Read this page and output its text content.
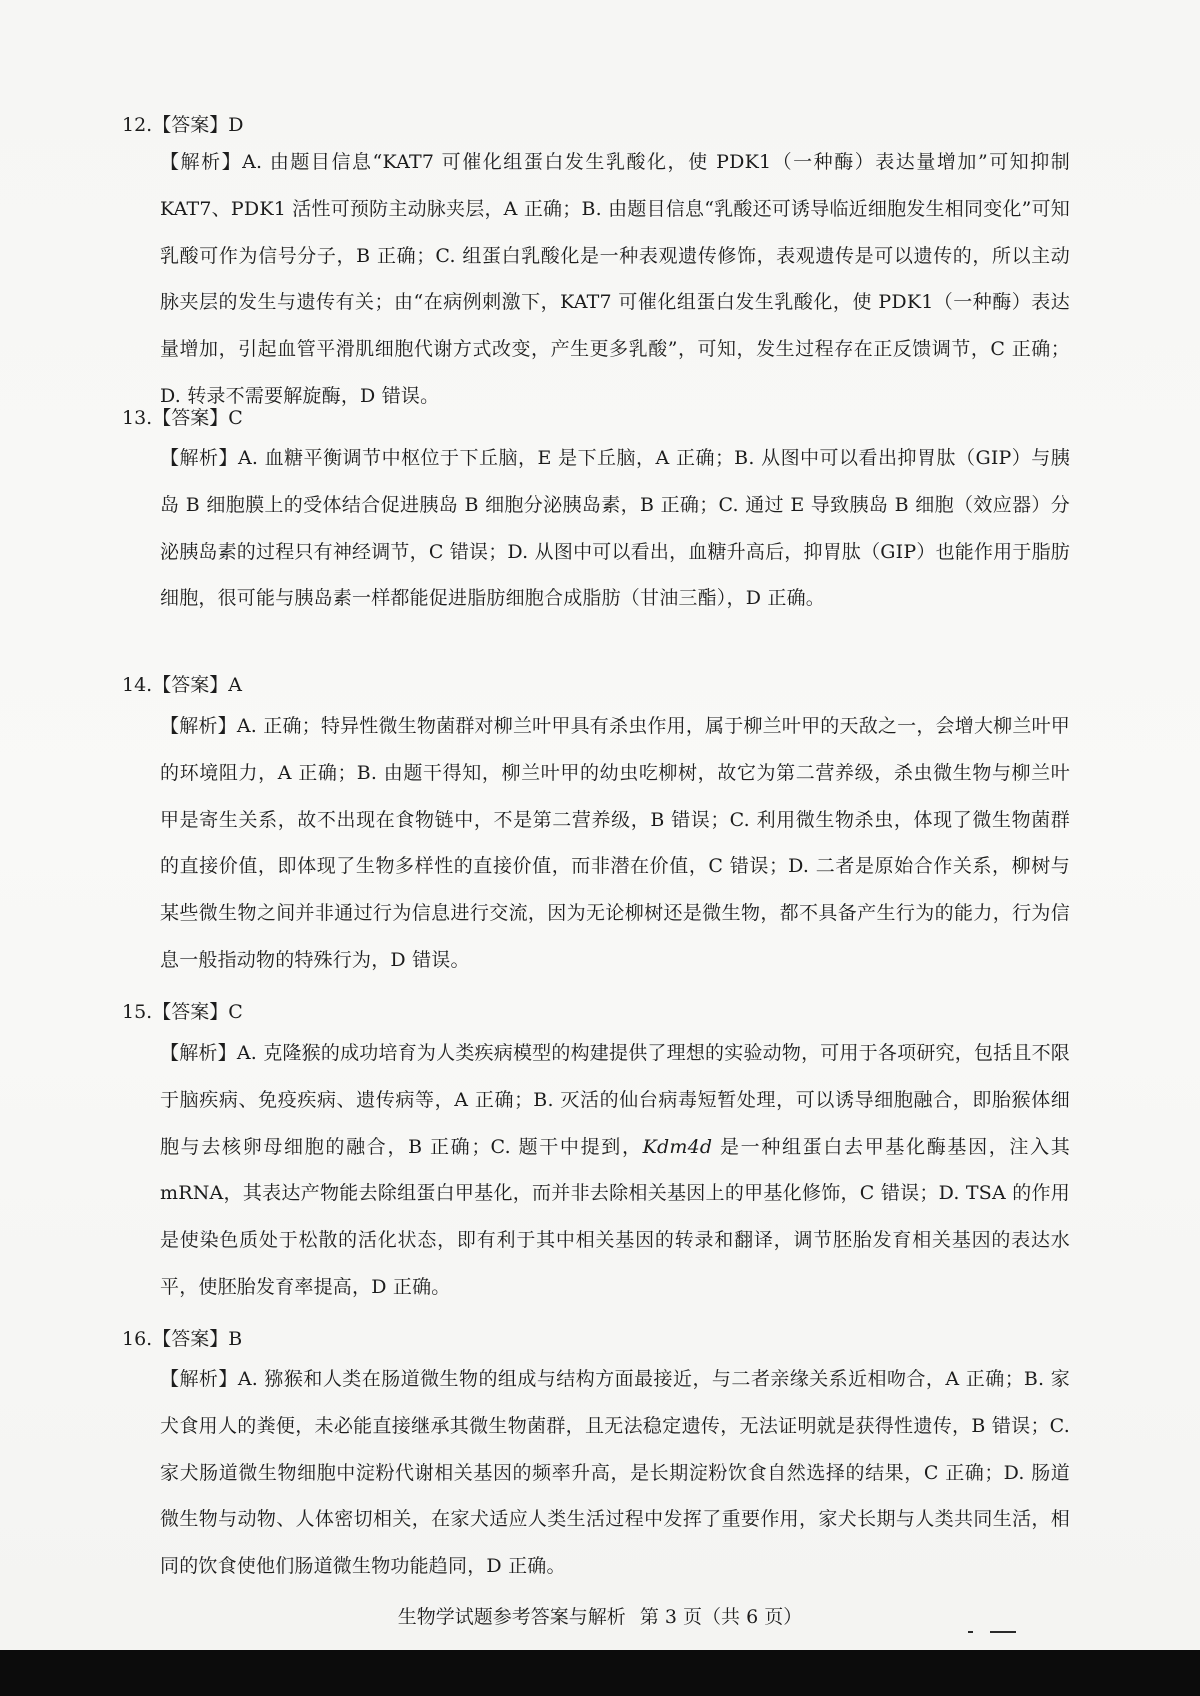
12.【答案】D
【解析】A. 由题目信息“KAT7 可催化组蛋白发生乳酸化，使 PDK1（一种酶）表达量增加”可知抑制 KAT7、PDK1 活性可预防主动脉夹层，A 正确；B. 由题目信息“乳酸还可诱导临近细胞发生相同变化”可知乳酸可作为信号分子，B 正确；C. 组蛋白乳酸化是一种表观遗传修饰，表观遗传是可以遗传的，所以主动脉夹层的发生与遗传有关；由“在病例刺激下，KAT7 可催化组蛋白发生乳酸化，使 PDK1（一种酶）表达量增加，引起血管平滑肌细胞代谢方式改变，产生更多乳酸”，可知，发生过程存在正反馈调节，C 正确；D. 转录不需要解旋酶，D 错误。
13.【答案】C
【解析】A. 血糖平衡调节中枢位于下丘脑，E 是下丘脑，A 正确；B. 从图中可以看出抑胃肽（GIP）与胰岛 B 细胞膜上的受体结合促进胰岛 B 细胞分泌胰岛素，B 正确；C. 通过 E 导致胰岛 B 细胞（效应器）分泌胰岛素的过程只有神经调节，C 错误；D. 从图中可以看出，血糖升高后，抑胃肽（GIP）也能作用于脂肪细胞，很可能与胰岛素一样都能促进脂肪细胞合成脂肪（甘油三酯），D 正确。
14.【答案】A
【解析】A. 正确；特异性微生物菌群对柳兰叶甲具有杀虫作用，属于柳兰叶甲的天敌之一，会增大柳兰叶甲的环境阻力，A 正确；B. 由题干得知，柳兰叶甲的幼虫吃柳树，故它为第二营养级，杀虫微生物与柳兰叶甲是寄生关系，故不出现在食物链中，不是第二营养级，B 错误；C. 利用微生物杀虫，体现了微生物菌群的直接价值，即体现了生物多样性的直接价值，而非潜在价值，C 错误；D. 二者是原始合作关系，柳树与某些微生物之间并非通过行为信息进行交流，因为无论柳树还是微生物，都不具备产生行为的能力，行为信息一般指动物的特殊行为，D 错误。
15.【答案】C
【解析】A. 克隆猴的成功培育为人类疾病模型的构建提供了理想的实验动物，可用于各项研究，包括且不限于脑疾病、免疫疾病、遗传病等，A 正确；B. 灭活的仙台病毒短暂处理，可以诱导细胞融合，即胎猴体细胞与去核卵母细胞的融合，B 正确；C. 题干中提到，Kdm4d 是一种组蛋白去甲基化酶基因，注入其 mRNA，其表达产物能去除组蛋白甲基化，而并非去除相关基因上的甲基化修饰，C 错误；D. TSA 的作用是使染色质处于松散的活化状态，即有利于其中相关基因的转录和翻译，调节胚胎发育相关基因的表达水平，使胚胎发育率提高，D 正确。
16.【答案】B
【解析】A. 猕猴和人类在肠道微生物的组成与结构方面最接近，与二者亲缘关系近相吻合，A 正确；B. 家犬食用人的粪便，未必能直接继承其微生物菌群，且无法稳定遗传，无法证明就是获得性遗传，B 错误；C. 家犬肠道微生物细胞中淀粉代谢相关基因的频率升高，是长期淀粉饮食自然选择的结果，C 正确；D. 肠道微生物与动物、人体密切相关，在家犬适应人类生活过程中发挥了重要作用，家犬长期与人类共同生活，相同的饮食使他们肠道微生物功能趋同，D 正确。
生物学试题参考答案与解析 第 3 页（共 6 页）
